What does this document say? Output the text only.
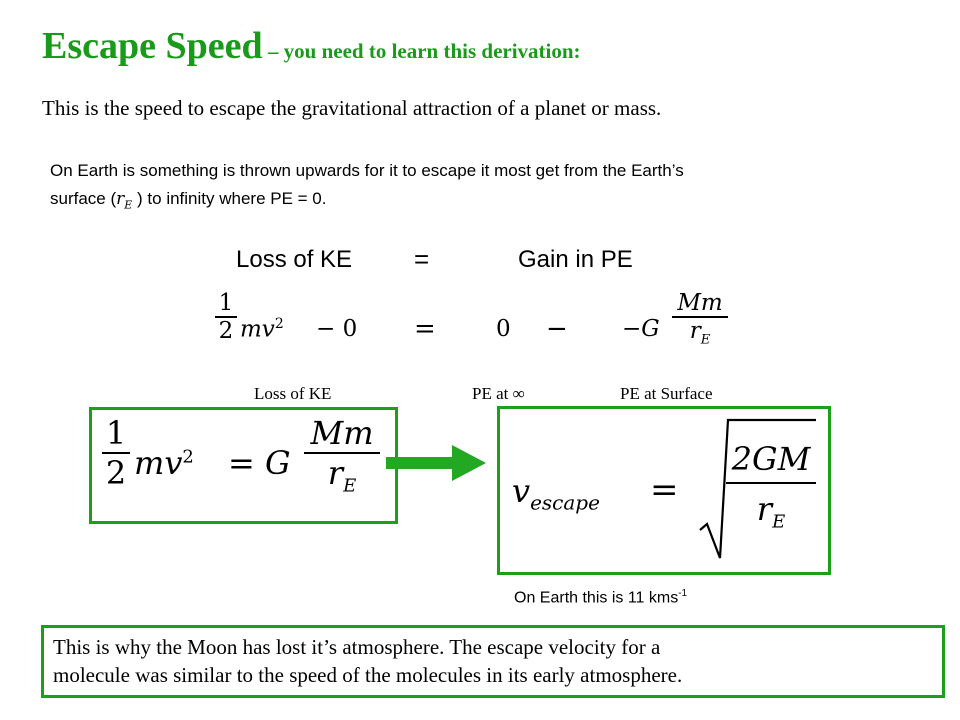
Escape Speed – you need to learn this derivation:
This is the speed to escape the gravitational attraction of a planet or mass.
On Earth is something is thrown upwards for it to escape it most get from the Earth’s
surface ($r_E$ ) to infinity where PE = 0.
Loss of KE =	Gain in PE
1
2 $mv^2 - 0$ =	0 − −G
Mm
$r_E$
Loss of KE	PE at ∞	PE at Surface
1
2 $mv^2 = G$
Mm
$r_E$	$v_{escape}$ =
2GM
$r_E$
On Earth this is 11 kms$^{-1}$
This is why the Moon has lost it’s atmosphere. The escape velocity for a
molecule was similar to the speed of the molecules in its early atmosphere.
